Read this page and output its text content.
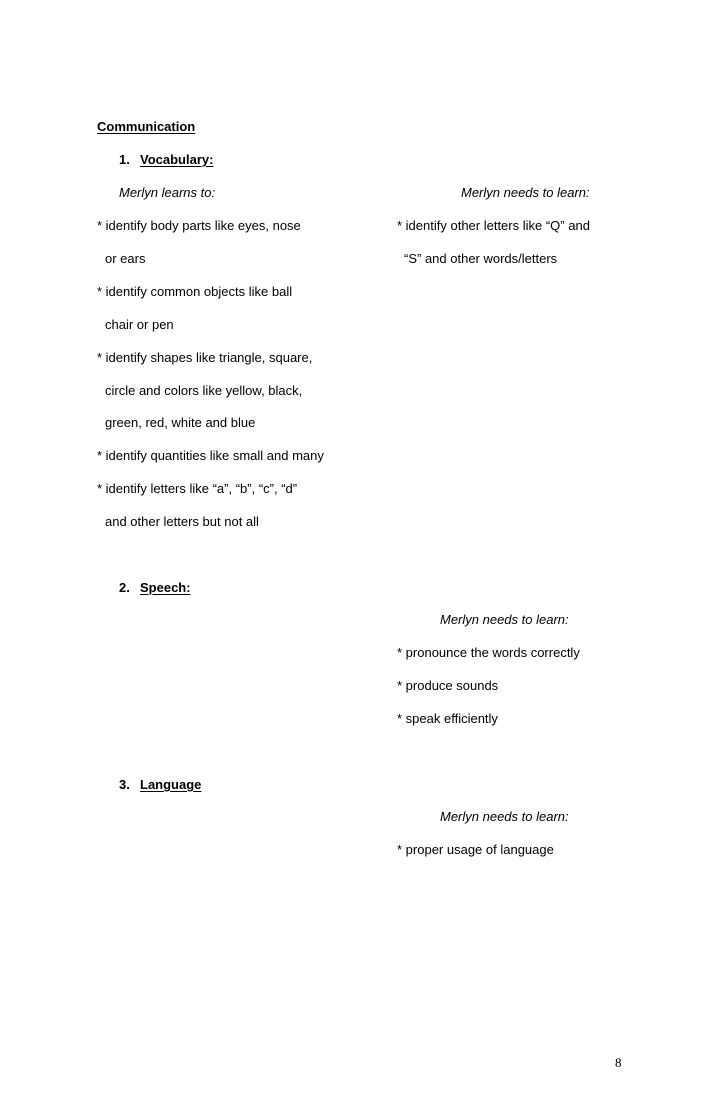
Communication
1. Vocabulary:
Merlyn learns to:	Merlyn needs to learn:
* identify body parts like eyes, nose
or ears
* identify common objects like ball
chair or pen
* identify shapes like triangle, square,
circle and colors like yellow, black,
green, red, white and blue
* identify quantities like small and many
* identify letters like “a”, “b”, “c”, “d”
and other letters but not all
* identify other letters like “Q” and
“S” and other words/letters
2. Speech:
Merlyn needs to learn:
* pronounce the words correctly
* produce sounds
* speak efficiently
3. Language
Merlyn needs to learn:
* proper usage of language
8
